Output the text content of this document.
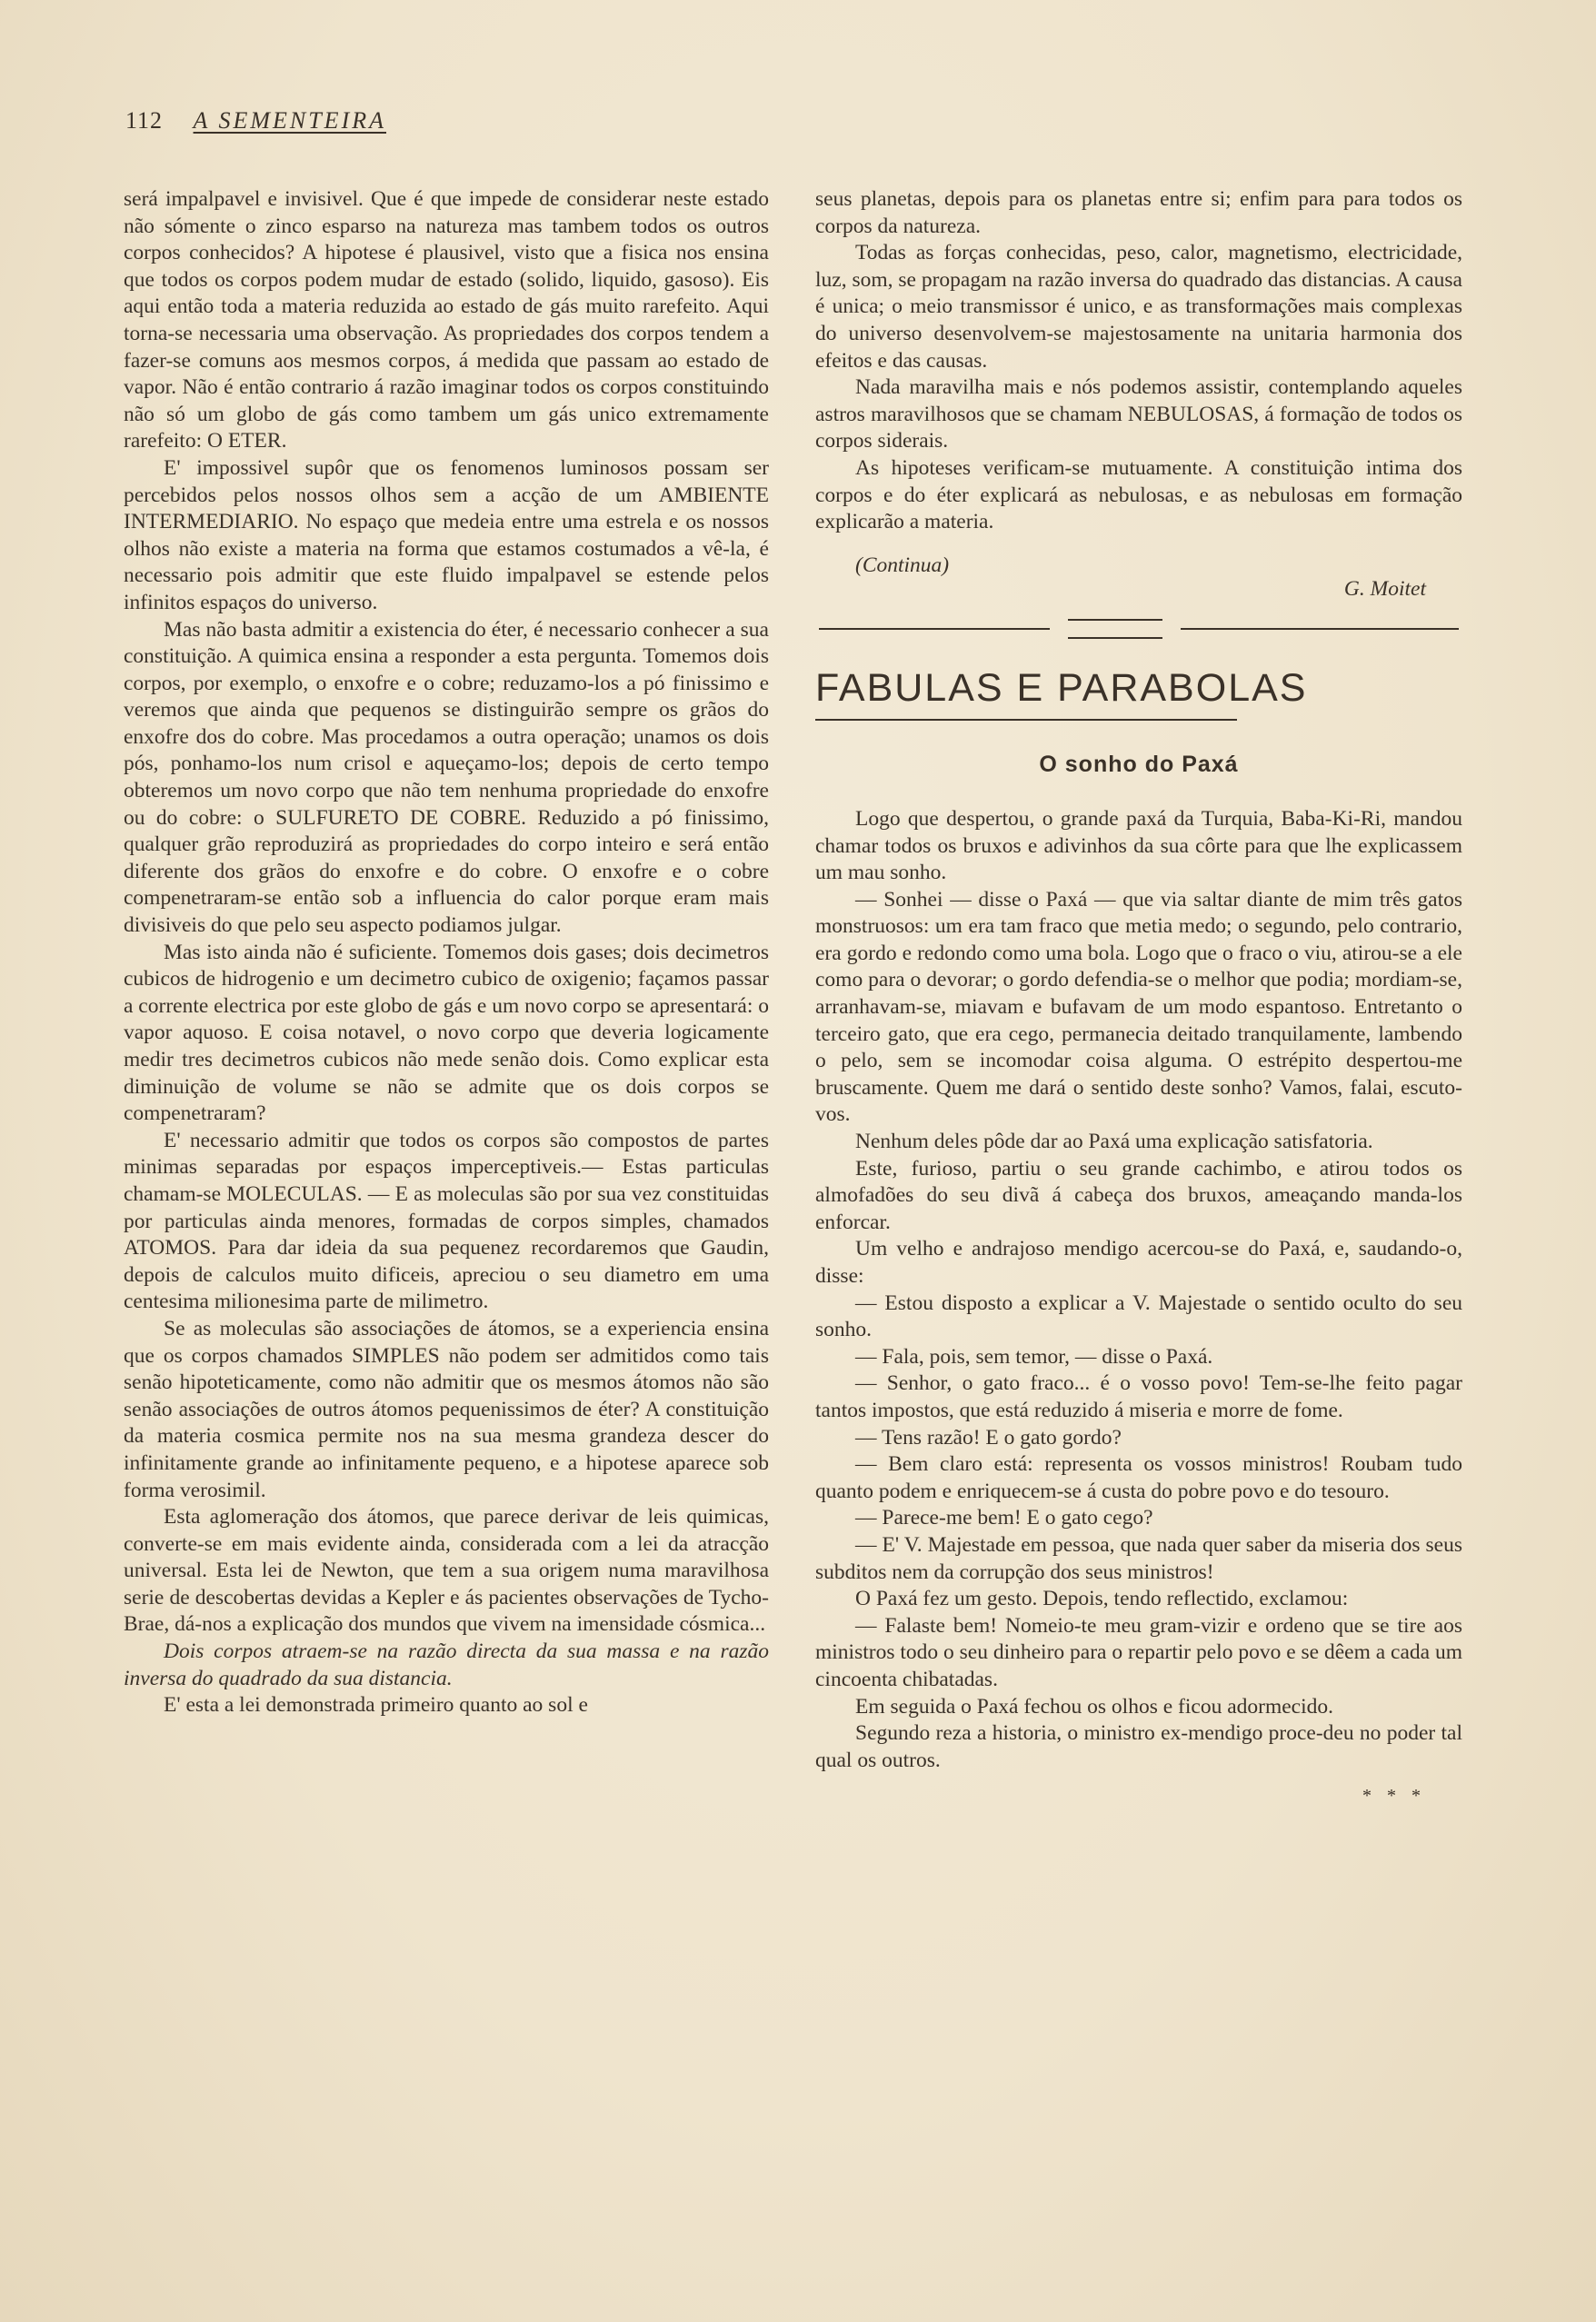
112 A SEMENTEIRA

será impalpavel e invisivel. Que é que impede de considerar neste estado não sómente o zinco esparso na natureza mas tambem todos os outros corpos conhecidos? A hipotese é plausivel, visto que a fisica nos ensina que todos os corpos podem mudar de estado (solido, liquido, gasoso). Eis aqui então toda a materia reduzida ao estado de gás muito rarefeito. Aqui torna-se necessaria uma observação. As propriedades dos corpos tendem a fazer-se comuns aos mesmos corpos, á medida que passam ao estado de vapor. Não é então contrario á razão imaginar todos os corpos constituindo não só um globo de gás como tambem um gás unico extremamente rarefeito: O ETER.

E' impossivel supôr que os fenomenos luminosos possam ser percebidos pelos nossos olhos sem a acção de um AMBIENTE INTERMEDIARIO. No espaço que medeia entre uma estrela e os nossos olhos não existe a materia na forma que estamos costumados a vê-la, é necessario pois admitir que este fluido impalpavel se estende pelos infinitos espaços do universo.

Mas não basta admitir a existencia do éter, é necessario conhecer a sua constituição. A quimica ensina a responder a esta pergunta. Tomemos dois corpos, por exemplo, o enxofre e o cobre; reduzamo-los a pó finissimo e veremos que ainda que pequenos se distinguirão sempre os grãos do enxofre dos do cobre. Mas procedamos a outra operação; unamos os dois pós, ponhamo-los num crisol e aqueçamo-los; depois de certo tempo obteremos um novo corpo que não tem nenhuma propriedade do enxofre ou do cobre: o SULFURETO DE COBRE. Reduzido a pó finissimo, qualquer grão reproduzirá as propriedades do corpo inteiro e será então diferente dos grãos do enxofre e do cobre. O enxofre e o cobre compenetraram-se então sob a influencia do calor porque eram mais divisiveis do que pelo seu aspecto podiamos julgar.

Mas isto ainda não é suficiente. Tomemos dois gases; dois decimetros cubicos de hidrogenio e um decimetro cubico de oxigenio; façamos passar a corrente electrica por este globo de gás e um novo corpo se apresentará: o vapor aquoso. E coisa notavel, o novo corpo que deveria logicamente medir tres decimetros cubicos não mede senão dois. Como explicar esta diminuição de volume se não se admite que os dois corpos se compenetraram?

E' necessario admitir que todos os corpos são compostos de partes minimas separadas por espaços imperceptiveis.— Estas particulas chamam-se MOLECULAS. — E as moleculas são por sua vez constituidas por particulas ainda menores, formadas de corpos simples, chamados ATOMOS. Para dar ideia da sua pequenez recordaremos que Gaudin, depois de calculos muito dificeis, apreciou o seu diametro em uma centesima milionesima parte de milimetro.

Se as moleculas são associações de átomos, se a experiencia ensina que os corpos chamados SIMPLES não podem ser admitidos como tais senão hipoteticamente, como não admitir que os mesmos átomos não são senão associações de outros átomos pequenissimos de éter? A constituição da materia cosmica permite nos na sua mesma grandeza descer do infinitamente grande ao infinitamente pequeno, e a hipotese aparece sob forma verosimil.

Esta aglomeração dos átomos, que parece derivar de leis quimicas, converte-se em mais evidente ainda, considerada com a lei da atracção universal. Esta lei de Newton, que tem a sua origem numa maravilhosa serie de descobertas devidas a Kepler e ás pacientes observações de Tycho-Brae, dá-nos a explicação dos mundos que vivem na imensidade cósmica...

Dois corpos atraem-se na razão directa da sua massa e na razão inversa do quadrado da sua distancia.

E' esta a lei demonstrada primeiro quanto ao sol e

seus planetas, depois para os planetas entre si; enfim para para todos os corpos da natureza.

Todas as forças conhecidas, peso, calor, magnetismo, electricidade, luz, som, se propagam na razão inversa do quadrado das distancias. A causa é unica; o meio transmissor é unico, e as transformações mais complexas do universo desenvolvem-se majestosamente na unitaria harmonia dos efeitos e das causas.

Nada maravilha mais e nós podemos assistir, contemplando aqueles astros maravilhosos que se chamam NEBULOSAS, á formação de todos os corpos siderais.

As hipoteses verificam-se mutuamente. A constituição intima dos corpos e do éter explicará as nebulosas, e as nebulosas em formação explicarão a materia.

(Continua)
G. Moitet
FABULAS E PARABOLAS
O sonho do Paxá

Logo que despertou, o grande paxá da Turquia, Baba-Ki-Ri, mandou chamar todos os bruxos e adivinhos da sua côrte para que lhe explicassem um mau sonho.

— Sonhei — disse o Paxá — que via saltar diante de mim três gatos monstruosos: um era tam fraco que metia medo; o segundo, pelo contrario, era gordo e redondo como uma bola. Logo que o fraco o viu, atirou-se a ele como para o devorar; o gordo defendia-se o melhor que podia; mordiam-se, arranhavam-se, miavam e bufavam de um modo espantoso. Entretanto o terceiro gato, que era cego, permanecia deitado tranquilamente, lambendo o pelo, sem se incomodar coisa alguma. O estrépito despertou-me bruscamente. Quem me dará o sentido deste sonho? Vamos, falai, escuto-vos.

Nenhum deles pôde dar ao Paxá uma explicação satisfatoria.

Este, furioso, partiu o seu grande cachimbo, e atirou todos os almofadões do seu divã á cabeça dos bruxos, ameaçando manda-los enforcar.

Um velho e andrajoso mendigo acercou-se do Paxá, e, saudando-o, disse:

— Estou disposto a explicar a V. Majestade o sentido oculto do seu sonho.

— Fala, pois, sem temor, — disse o Paxá.

— Senhor, o gato fraco... é o vosso povo! Tem-se-lhe feito pagar tantos impostos, que está reduzido á miseria e morre de fome.

— Tens razão! E o gato gordo?

— Bem claro está: representa os vossos ministros! Roubam tudo quanto podem e enriquecem-se á custa do pobre povo e do tesouro.

— Parece-me bem! E o gato cego?

— E' V. Majestade em pessoa, que nada quer saber da miseria dos seus subditos nem da corrupção dos seus ministros!

O Paxá fez um gesto. Depois, tendo reflectido, exclamou:

— Falaste bem! Nomeio-te meu gram-vizir e ordeno que se tire aos ministros todo o seu dinheiro para o repartir pelo povo e se dêem a cada um cincoenta chibatadas.

Em seguida o Paxá fechou os olhos e ficou adormecido.

Segundo reza a historia, o ministro ex-mendigo proce-deu no poder tal qual os outros.

* * *
